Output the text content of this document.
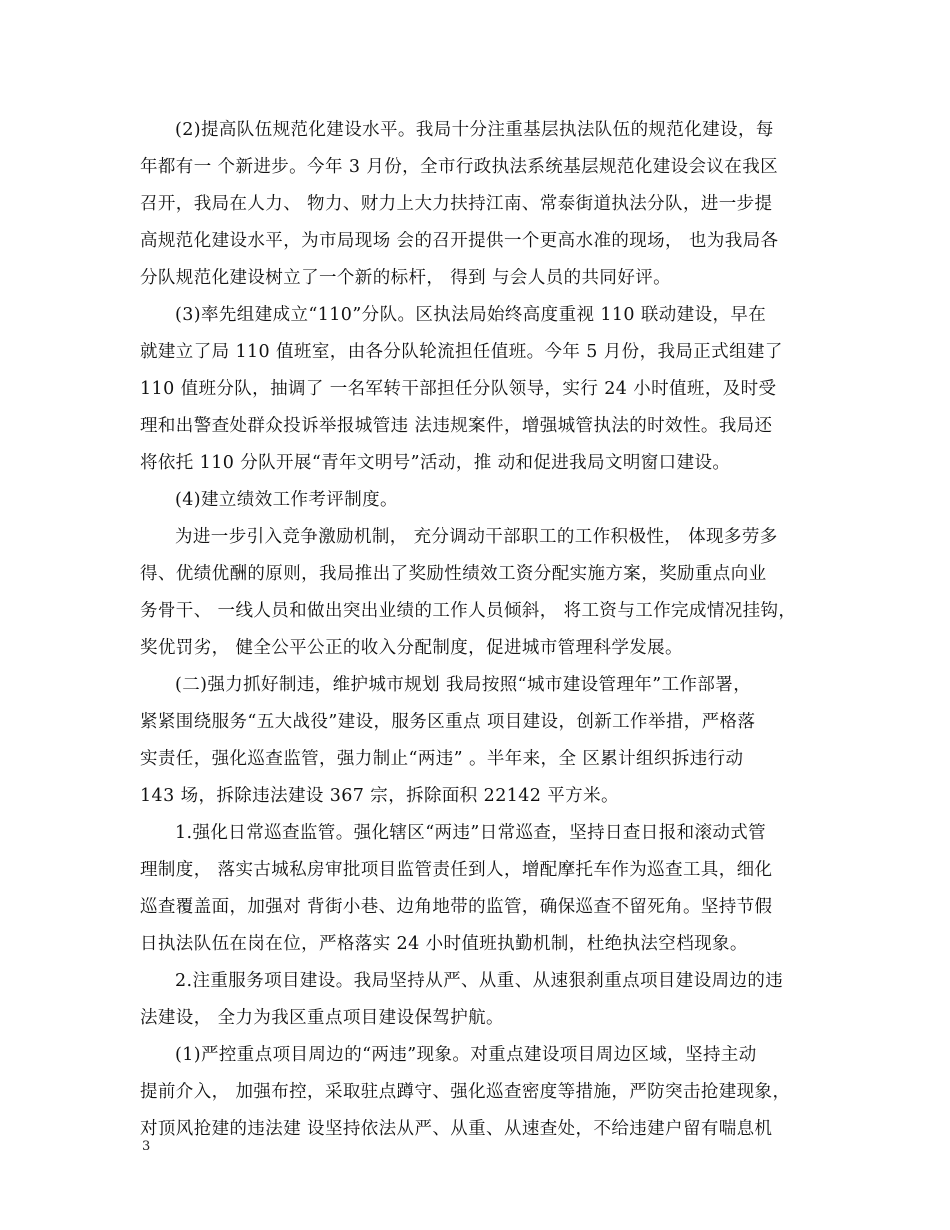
(2)提高队伍规范化建设水平。我局十分注重基层执法队伍的规范化建设，每
年都有一 个新进步。今年 3 月份，全市行政执法系统基层规范化建设会议在我区
召开，我局在人力、 物力、财力上大力扶持江南、常泰街道执法分队，进一步提
高规范化建设水平，为市局现场 会的召开提供一个更高水准的现场， 也为我局各
分队规范化建设树立了一个新的标杆， 得到 与会人员的共同好评。
(3)率先组建成立“110”分队。区执法局始终高度重视 110 联动建设，早在
就建立了局 110 值班室，由各分队轮流担任值班。今年 5 月份，我局正式组建了
110 值班分队，抽调了 一名军转干部担任分队领导，实行 24 小时值班，及时受
理和出警查处群众投诉举报城管违 法违规案件，增强城管执法的时效性。我局还
将依托 110 分队开展“青年文明号”活动，推 动和促进我局文明窗口建设。
(4)建立绩效工作考评制度。
为进一步引入竞争激励机制， 充分调动干部职工的工作积极性， 体现多劳多
得、优绩优酬的原则，我局推出了奖励性绩效工资分配实施方案，奖励重点向业
务骨干、 一线人员和做出突出业绩的工作人员倾斜， 将工资与工作完成情况挂钩，
奖优罚劣， 健全公平公正的收入分配制度，促进城市管理科学发展。
(二)强力抓好制违，维护城市规划 我局按照“城市建设管理年”工作部署，
紧紧围绕服务“五大战役”建设，服务区重点 项目建设，创新工作举措，严格落
实责任，强化巡查监管，强力制止“两违” 。半年来，全 区累计组织拆违行动
143 场，拆除违法建设 367 宗，拆除面积 22142 平方米。
1.强化日常巡查监管。强化辖区“两违”日常巡查，坚持日查日报和滚动式管
理制度， 落实古城私房审批项目监管责任到人，增配摩托车作为巡查工具，细化
巡查覆盖面，加强对 背街小巷、边角地带的监管，确保巡查不留死角。坚持节假
日执法队伍在岗在位，严格落实 24 小时值班执勤机制，杜绝执法空档现象。
2.注重服务项目建设。我局坚持从严、从重、从速狠刹重点项目建设周边的违
法建设， 全力为我区重点项目建设保驾护航。
(1)严控重点项目周边的“两违”现象。对重点建设项目周边区域，坚持主动
提前介入， 加强布控，采取驻点蹲守、强化巡查密度等措施，严防突击抢建现象，
对顶风抢建的违法建 设坚持依法从严、从重、从速查处，不给违建户留有喘息机
3
